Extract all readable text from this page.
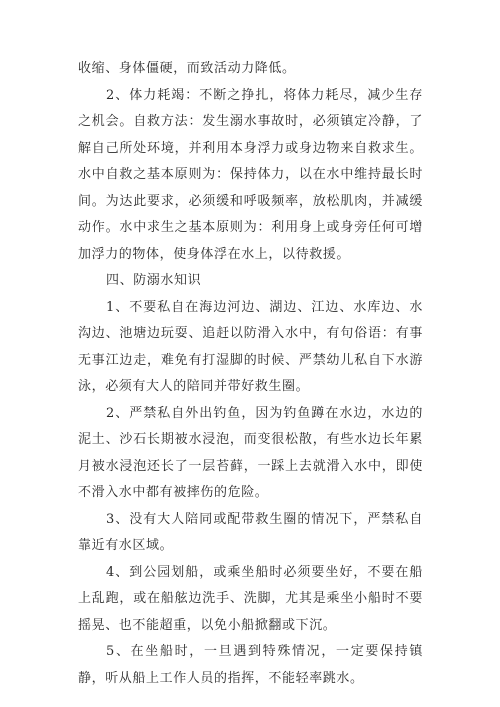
收缩、身体僵硬，而致活动力降低。

2、体力耗竭：不断之挣扎，将体力耗尽，减少生存之机会。自救方法：发生溺水事故时，必须镇定冷静，了解自己所处环境，并利用本身浮力或身边物来自救求生。水中自救之基本原则为：保持体力，以在水中维持最长时间。为达此要求，必须缓和呼吸频率，放松肌肉，并减缓动作。水中求生之基本原则为：利用身上或身旁任何可增加浮力的物体，使身体浮在水上，以待救援。

四、防溺水知识

1、不要私自在海边河边、湖边、江边、水库边、水沟边、池塘边玩耍、追赶以防滑入水中，有句俗语：有事无事江边走，难免有打湿脚的时候、严禁幼儿私自下水游泳，必须有大人的陪同并带好救生圈。

2、严禁私自外出钓鱼，因为钓鱼蹲在水边，水边的泥土、沙石长期被水浸泡，而变很松散，有些水边长年累月被水浸泡还长了一层苔藓，一踩上去就滑入水中，即使不滑入水中都有被摔伤的危险。

3、没有大人陪同或配带救生圈的情况下，严禁私自靠近有水区域。

4、到公园划船，或乘坐船时必须要坐好，不要在船上乱跑，或在船舷边洗手、洗脚，尤其是乘坐小船时不要摇晃、也不能超重，以免小船掀翻或下沉。

5、在坐船时，一旦遇到特殊情况，一定要保持镇静，听从船上工作人员的指挥，不能轻率跳水。
